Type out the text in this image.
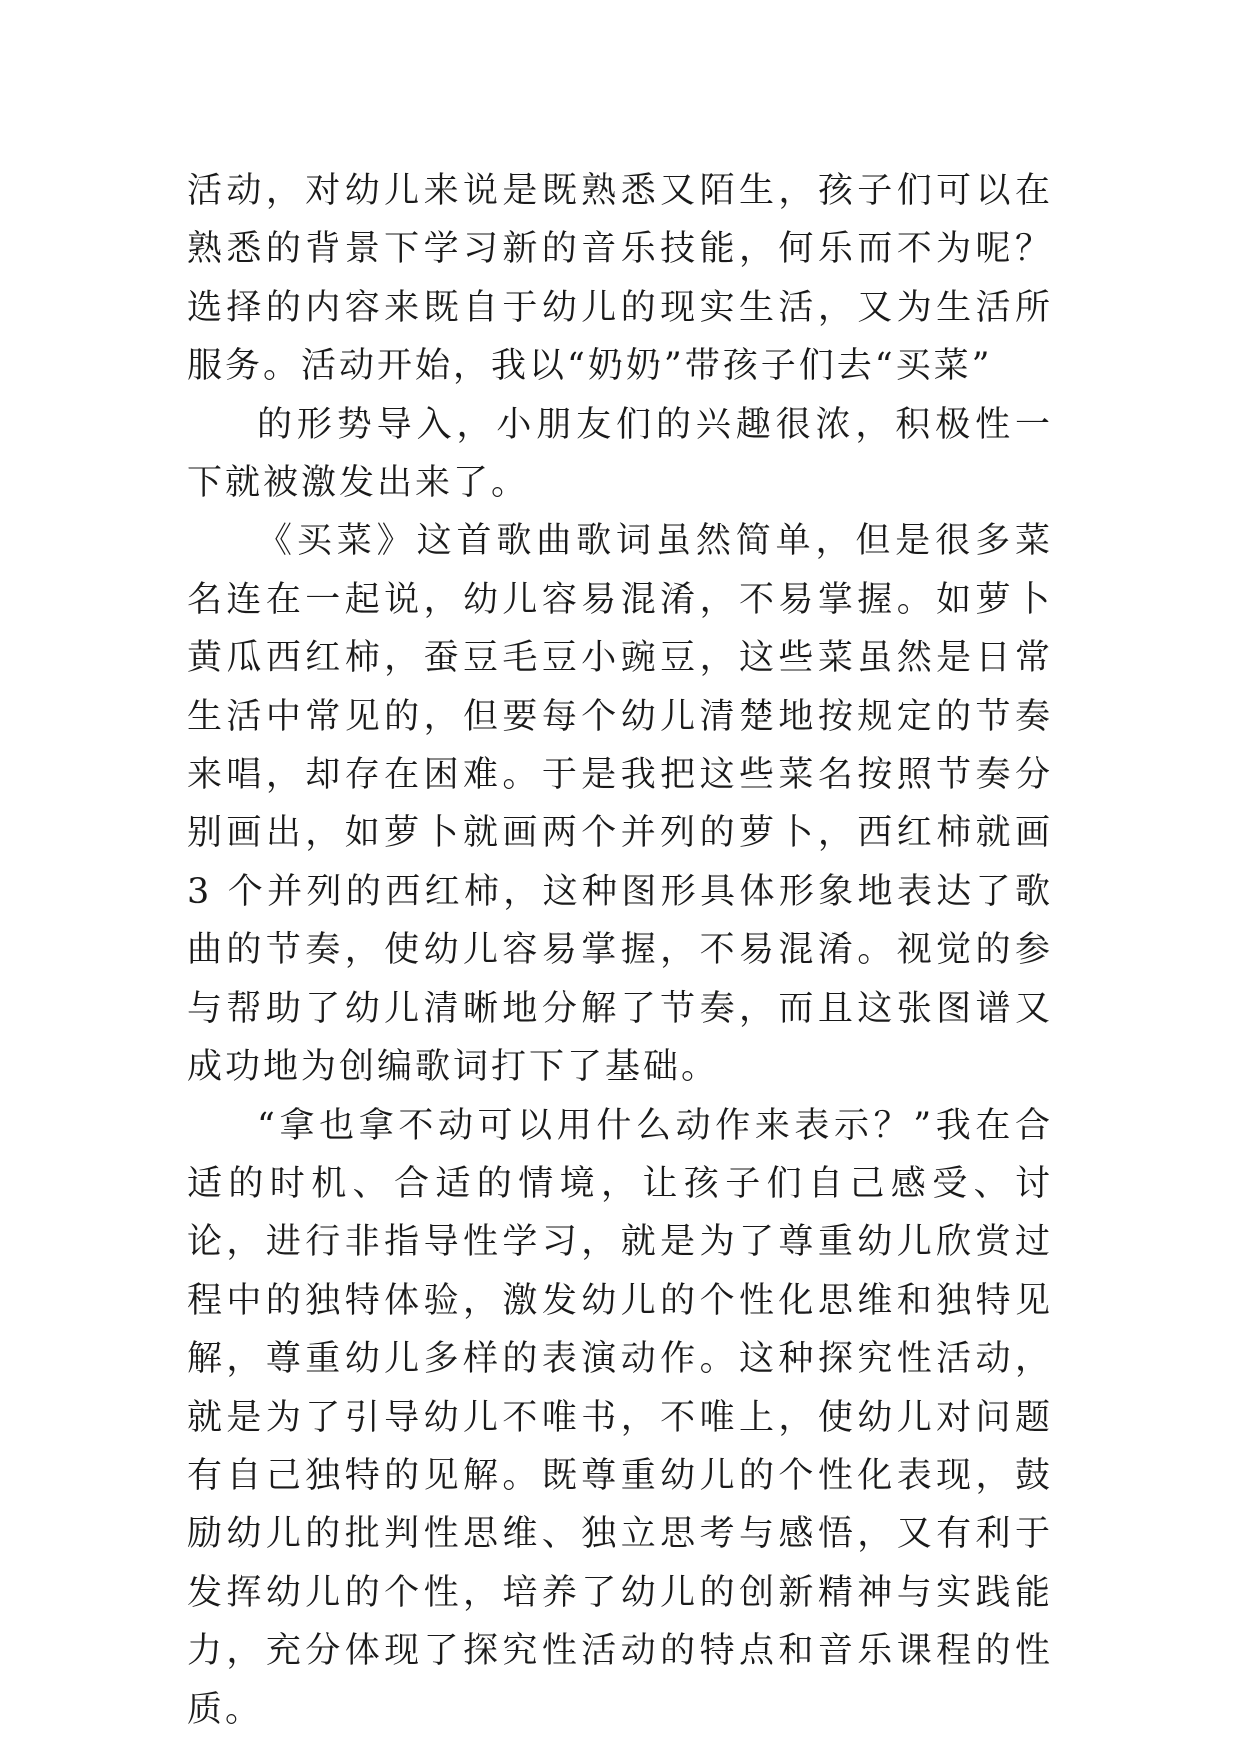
活动，对幼儿来说是既熟悉又陌生，孩子们可以在熟悉的背景下学习新的音乐技能，何乐而不为呢？选择的内容来既自于幼儿的现实生活，又为生活所服务。活动开始，我以“奶奶”带孩子们去“买菜”

的形势导入，小朋友们的兴趣很浓，积极性一下就被激发出来了。

《买菜》这首歌曲歌词虽然简单，但是很多菜名连在一起说，幼儿容易混淆，不易掌握。如萝卜黄瓜西红柿，蚕豆毛豆小豌豆，这些菜虽然是日常生活中常见的，但要每个幼儿清楚地按规定的节奏来唱，却存在困难。于是我把这些菜名按照节奏分别画出，如萝卜就画两个并列的萝卜，西红柿就画 3 个并列的西红柿，这种图形具体形象地表达了歌曲的节奏，使幼儿容易掌握，不易混淆。视觉的参与帮助了幼儿清晰地分解了节奏，而且这张图谱又成功地为创编歌词打下了基础。

“拿也拿不动可以用什么动作来表示？”我在合适的时机、合适的情境，让孩子们自己感受、讨论，进行非指导性学习，就是为了尊重幼儿欣赏过程中的独特体验，激发幼儿的个性化思维和独特见解，尊重幼儿多样的表演动作。这种探究性活动，就是为了引导幼儿不唯书，不唯上，使幼儿对问题有自己独特的见解。既尊重幼儿的个性化表现，鼓励幼儿的批判性思维、独立思考与感悟，又有利于发挥幼儿的个性，培养了幼儿的创新精神与实践能力，充分体现了探究性活动的特点和音乐课程的性质。
